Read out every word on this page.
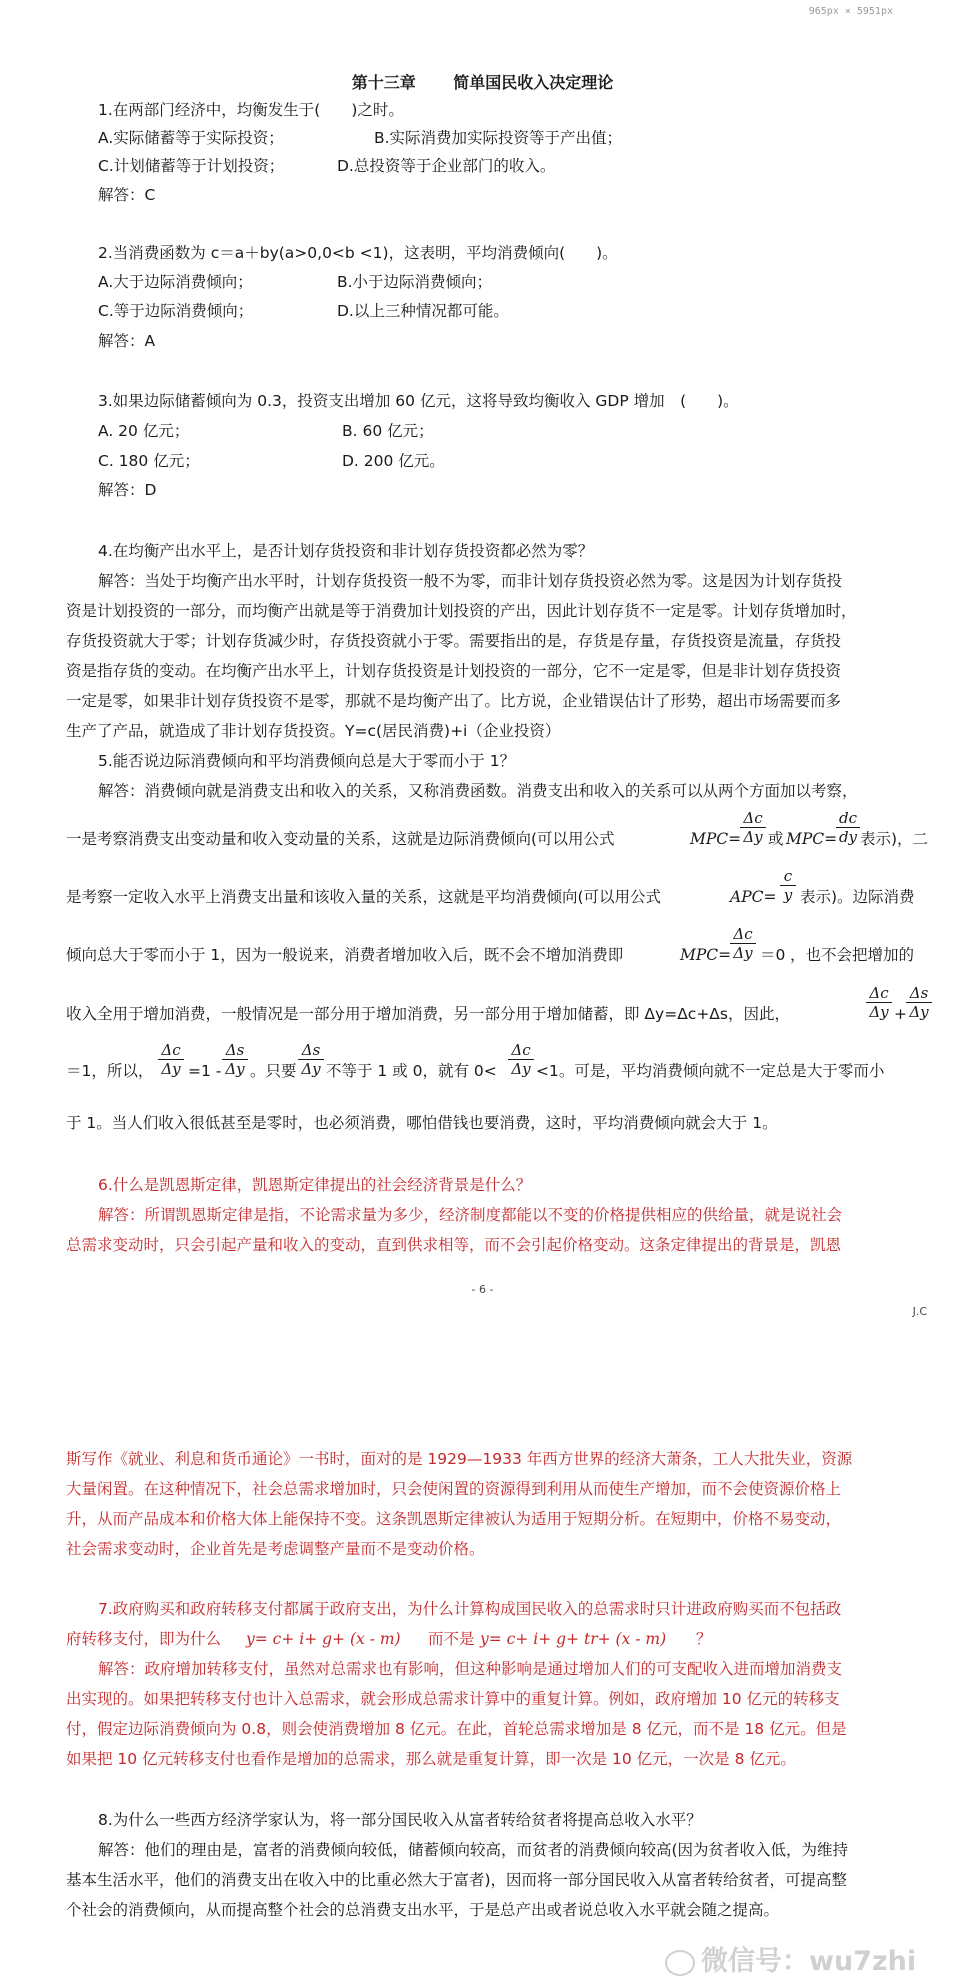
965px × 5951px
第十三章 简单国民收入决定理论
1.在两部门经济中，均衡发生于(　　)之时。
A.实际储蓄等于实际投资；	B.实际消费加实际投资等于产出值；
C.计划储蓄等于计划投资；	D.总投资等于企业部门的收入。
解答：C
2.当消费函数为 c＝a＋by(a>0,0<b <1)，这表明，平均消费倾向(　　)。
A.大于边际消费倾向；	B.小于边际消费倾向；
C.等于边际消费倾向；	D.以上三种情况都可能。
解答：A
3.如果边际储蓄倾向为 0.3，投资支出增加 60 亿元，这将导致均衡收入 GDP 增加　(　　)。
A. 20 亿元；	B. 60 亿元；
C. 180 亿元；	D. 200 亿元。
解答：D
4.在均衡产出水平上，是否计划存货投资和非计划存货投资都必然为零？
解答：当处于均衡产出水平时，计划存货投资一般不为零，而非计划存货投资必然为零。这是因为计划存货投
资是计划投资的一部分，而均衡产出就是等于消费加计划投资的产出，因此计划存货不一定是零。计划存货增加时，
存货投资就大于零；计划存货减少时，存货投资就小于零。需要指出的是，存货是存量，存货投资是流量，存货投
资是指存货的变动。在均衡产出水平上，计划存货投资是计划投资的一部分，它不一定是零，但是非计划存货投资
一定是零，如果非计划存货投资不是零，那就不是均衡产出了。比方说，企业错误估计了形势，超出市场需要而多
生产了产品，就造成了非计划存货投资。Y=c(居民消费)+i（企业投资）
5.能否说边际消费倾向和平均消费倾向总是大于零而小于 1？
解答：消费倾向就是消费支出和收入的关系，又称消费函数。消费支出和收入的关系可以从两个方面加以考察，
一是考察消费支出变动量和收入变动量的关系，这就是边际消费倾向(可以用公式	MPC=
$\frac{\Delta c}{\Delta y}$ 或 MPC=
$\frac{dc}{dy}$ 表示)，二
是考察一定收入水平上消费支出量和该收入量的关系，这就是平均消费倾向(可以用公式	$APC= \frac{c}{y}$ 表示)。边际消费
倾向总大于零而小于 1，因为一般说来，消费者增加收入后，既不会不增加消费即	MPC=
$\frac{\Delta c}{\Delta y} =0$ ，也不会把增加的
收入全用于增加消费，一般情况是一部分用于增加消费，另一部分用于增加储蓄，即 Δy=Δc+Δs，因此，	$\frac{\Delta c}{\Delta y} + \frac{\Delta s}{\Delta y}$
＝1，所以， $\frac{\Delta c}{\Delta y} =1 - \frac{\Delta s}{\Delta y}$ 。只要 $\frac{\Delta s}{\Delta y}$ 不等于 1 或 0，就有 $0< \frac{\Delta c}{\Delta y} <1$。可是，平均消费倾向就不一定总是大于零而小
于 1。当人们收入很低甚至是零时，也必须消费，哪怕借钱也要消费，这时，平均消费倾向就会大于 1。
6.什么是凯恩斯定律，凯恩斯定律提出的社会经济背景是什么？
解答：所谓凯恩斯定律是指，不论需求量为多少，经济制度都能以不变的价格提供相应的供给量，就是说社会
总需求变动时，只会引起产量和收入的变动，直到供求相等，而不会引起价格变动。这条定律提出的背景是，凯恩
- 6 -
J.C
斯写作《就业、利息和货币通论》一书时，面对的是 1929—1933 年西方世界的经济大萧条，工人大批失业，资源
大量闲置。在这种情况下，社会总需求增加时，只会使闲置的资源得到利用从而使生产增加，而不会使资源价格上
升，从而产品成本和价格大体上能保持不变。这条凯恩斯定律被认为适用于短期分析。在短期中，价格不易变动，
社会需求变动时，企业首先是考虑调整产量而不是变动价格。
7.政府购买和政府转移支付都属于政府支出，为什么计算构成国民收入的总需求时只计进政府购买而不包括政
府转移支付，即为什么 y= c+ i+ g+ (x - m) 而不是 y= c+ i+ g+ tr+ (x - m) ？
解答：政府增加转移支付，虽然对总需求也有影响，但这种影响是通过增加人们的可支配收入进而增加消费支
出实现的。如果把转移支付也计入总需求，就会形成总需求计算中的重复计算。例如，政府增加 10 亿元的转移支
付，假定边际消费倾向为 0.8，则会使消费增加 8 亿元。在此，首轮总需求增加是 8 亿元，而不是 18 亿元。但是
如果把 10 亿元转移支付也看作是增加的总需求，那么就是重复计算，即一次是 10 亿元，一次是 8 亿元。
8.为什么一些西方经济学家认为，将一部分国民收入从富者转给贫者将提高总收入水平？
解答：他们的理由是，富者的消费倾向较低，储蓄倾向较高，而贫者的消费倾向较高(因为贫者收入低，为维持
基本生活水平，他们的消费支出在收入中的比重必然大于富者)，因而将一部分国民收入从富者转给贫者，可提高整
个社会的消费倾向，从而提高整个社会的总消费支出水平，于是总产出或者说总收入水平就会随之提高。
微信号：wu7zhi
